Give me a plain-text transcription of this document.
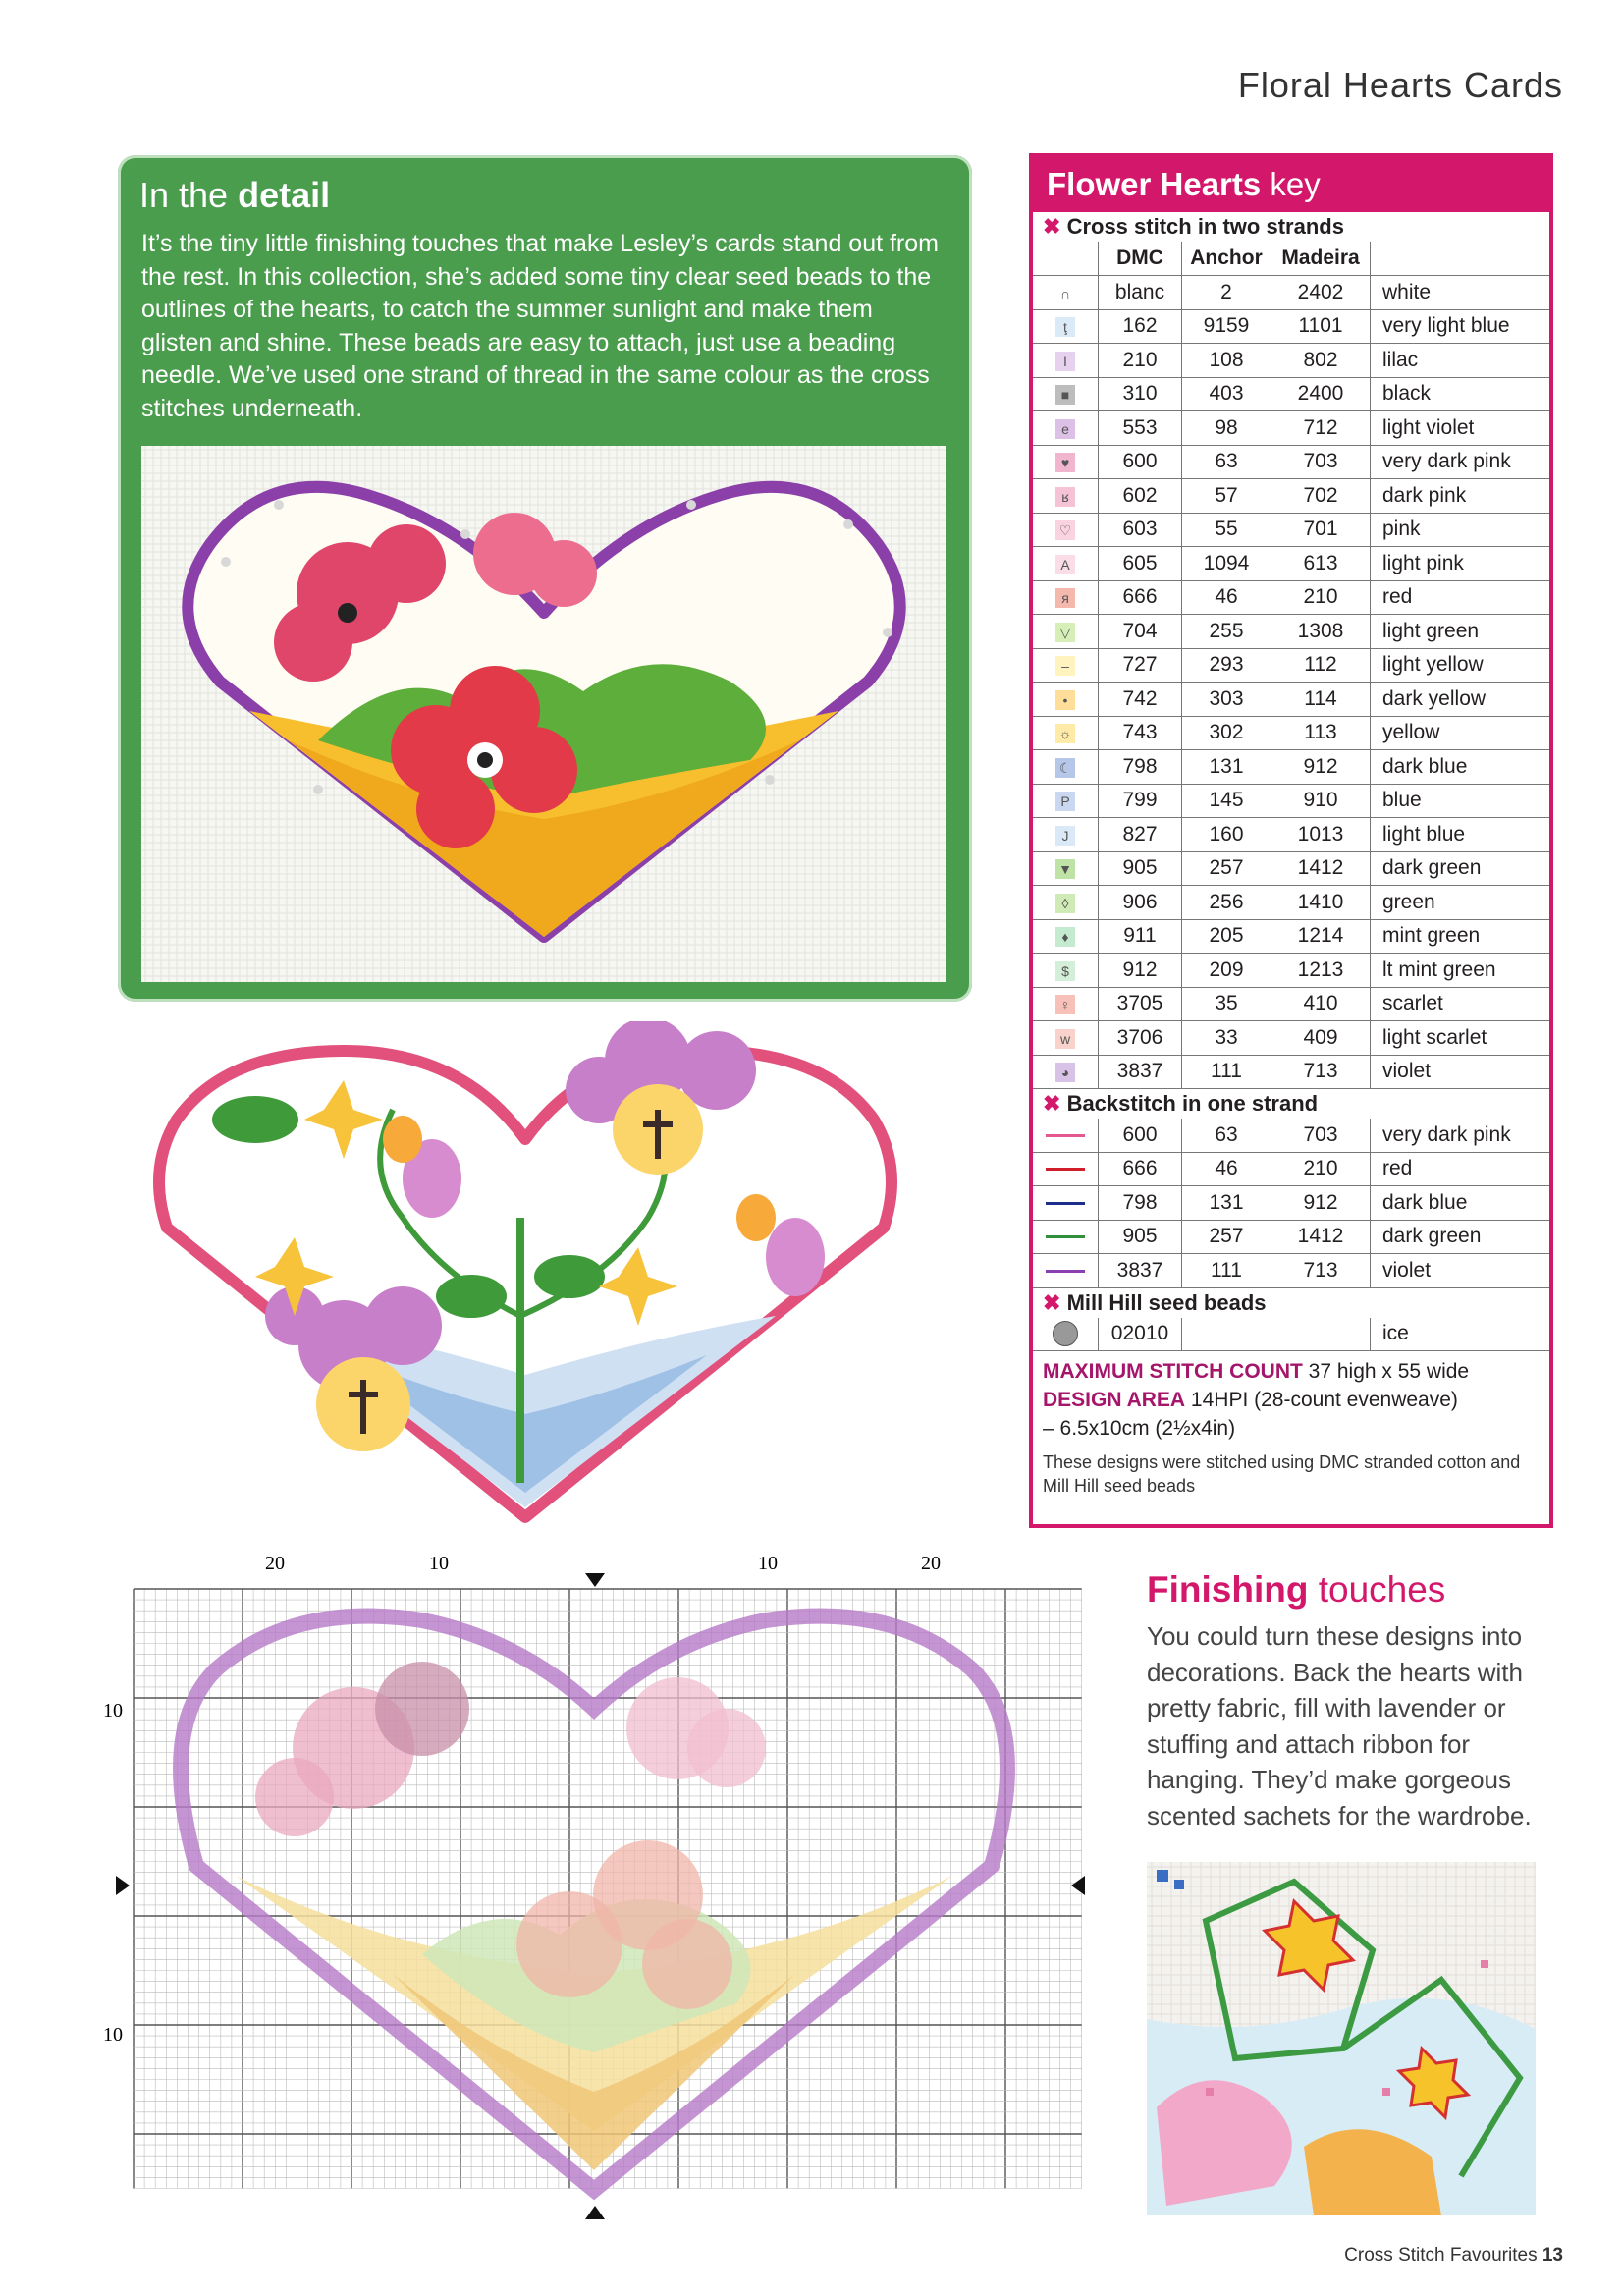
Floral Hearts Cards
In the detail
It’s the tiny little finishing touches that make Lesley’s cards stand out from the rest. In this collection, she’s added some tiny clear seed beads to the outlines of the hearts, to catch the summer sunlight and make them glisten and shine. These beads are easy to attach, just use a beading needle. We’ve used one strand of thread in the same colour as the cross stitches underneath.
Flower Hearts key
✖ Cross stitch in two strands
	DMC	Anchor	Madeira	
∩	blanc	2	2402	white
ţ	162	9159	1101	very light blue
I	210	108	802	lilac
■	310	403	2400	black
e	553	98	712	light violet
♥	600	63	703	very dark pink
ʁ	602	57	702	dark pink
♡	603	55	701	pink
A	605	1094	613	light pink
я	666	46	210	red
▽	704	255	1308	light green
–	727	293	112	light yellow
•	742	303	114	dark yellow
☼	743	302	113	yellow
☾	798	131	912	dark blue
P	799	145	910	blue
J	827	160	1013	light blue
▼	905	257	1412	dark green
◊	906	256	1410	green
♦	911	205	1214	mint green
$	912	209	1213	lt mint green
♀	3705	35	410	scarlet
w	3706	33	409	light scarlet
◕	3837	111	713	violet
✖ Backstitch in one strand
	600	63	703	very dark pink
	666	46	210	red
	798	131	912	dark blue
	905	257	1412	dark green
	3837	111	713	violet
✖ Mill Hill seed beads
	02010			ice
MAXIMUM STITCH COUNT 37 high x 55 wide
DESIGN AREA 14HPI (28-count evenweave)
– 6.5x10cm (2½x4in)
These designs were stitched using DMC stranded cotton and Mill Hill seed beads
20	10	10	20
10
10
Finishing touches
You could turn these designs into decorations. Back the hearts with pretty fabric, fill with lavender or stuffing and attach ribbon for hanging. They’d make gorgeous scented sachets for the wardrobe.
Cross Stitch Favourites 13
